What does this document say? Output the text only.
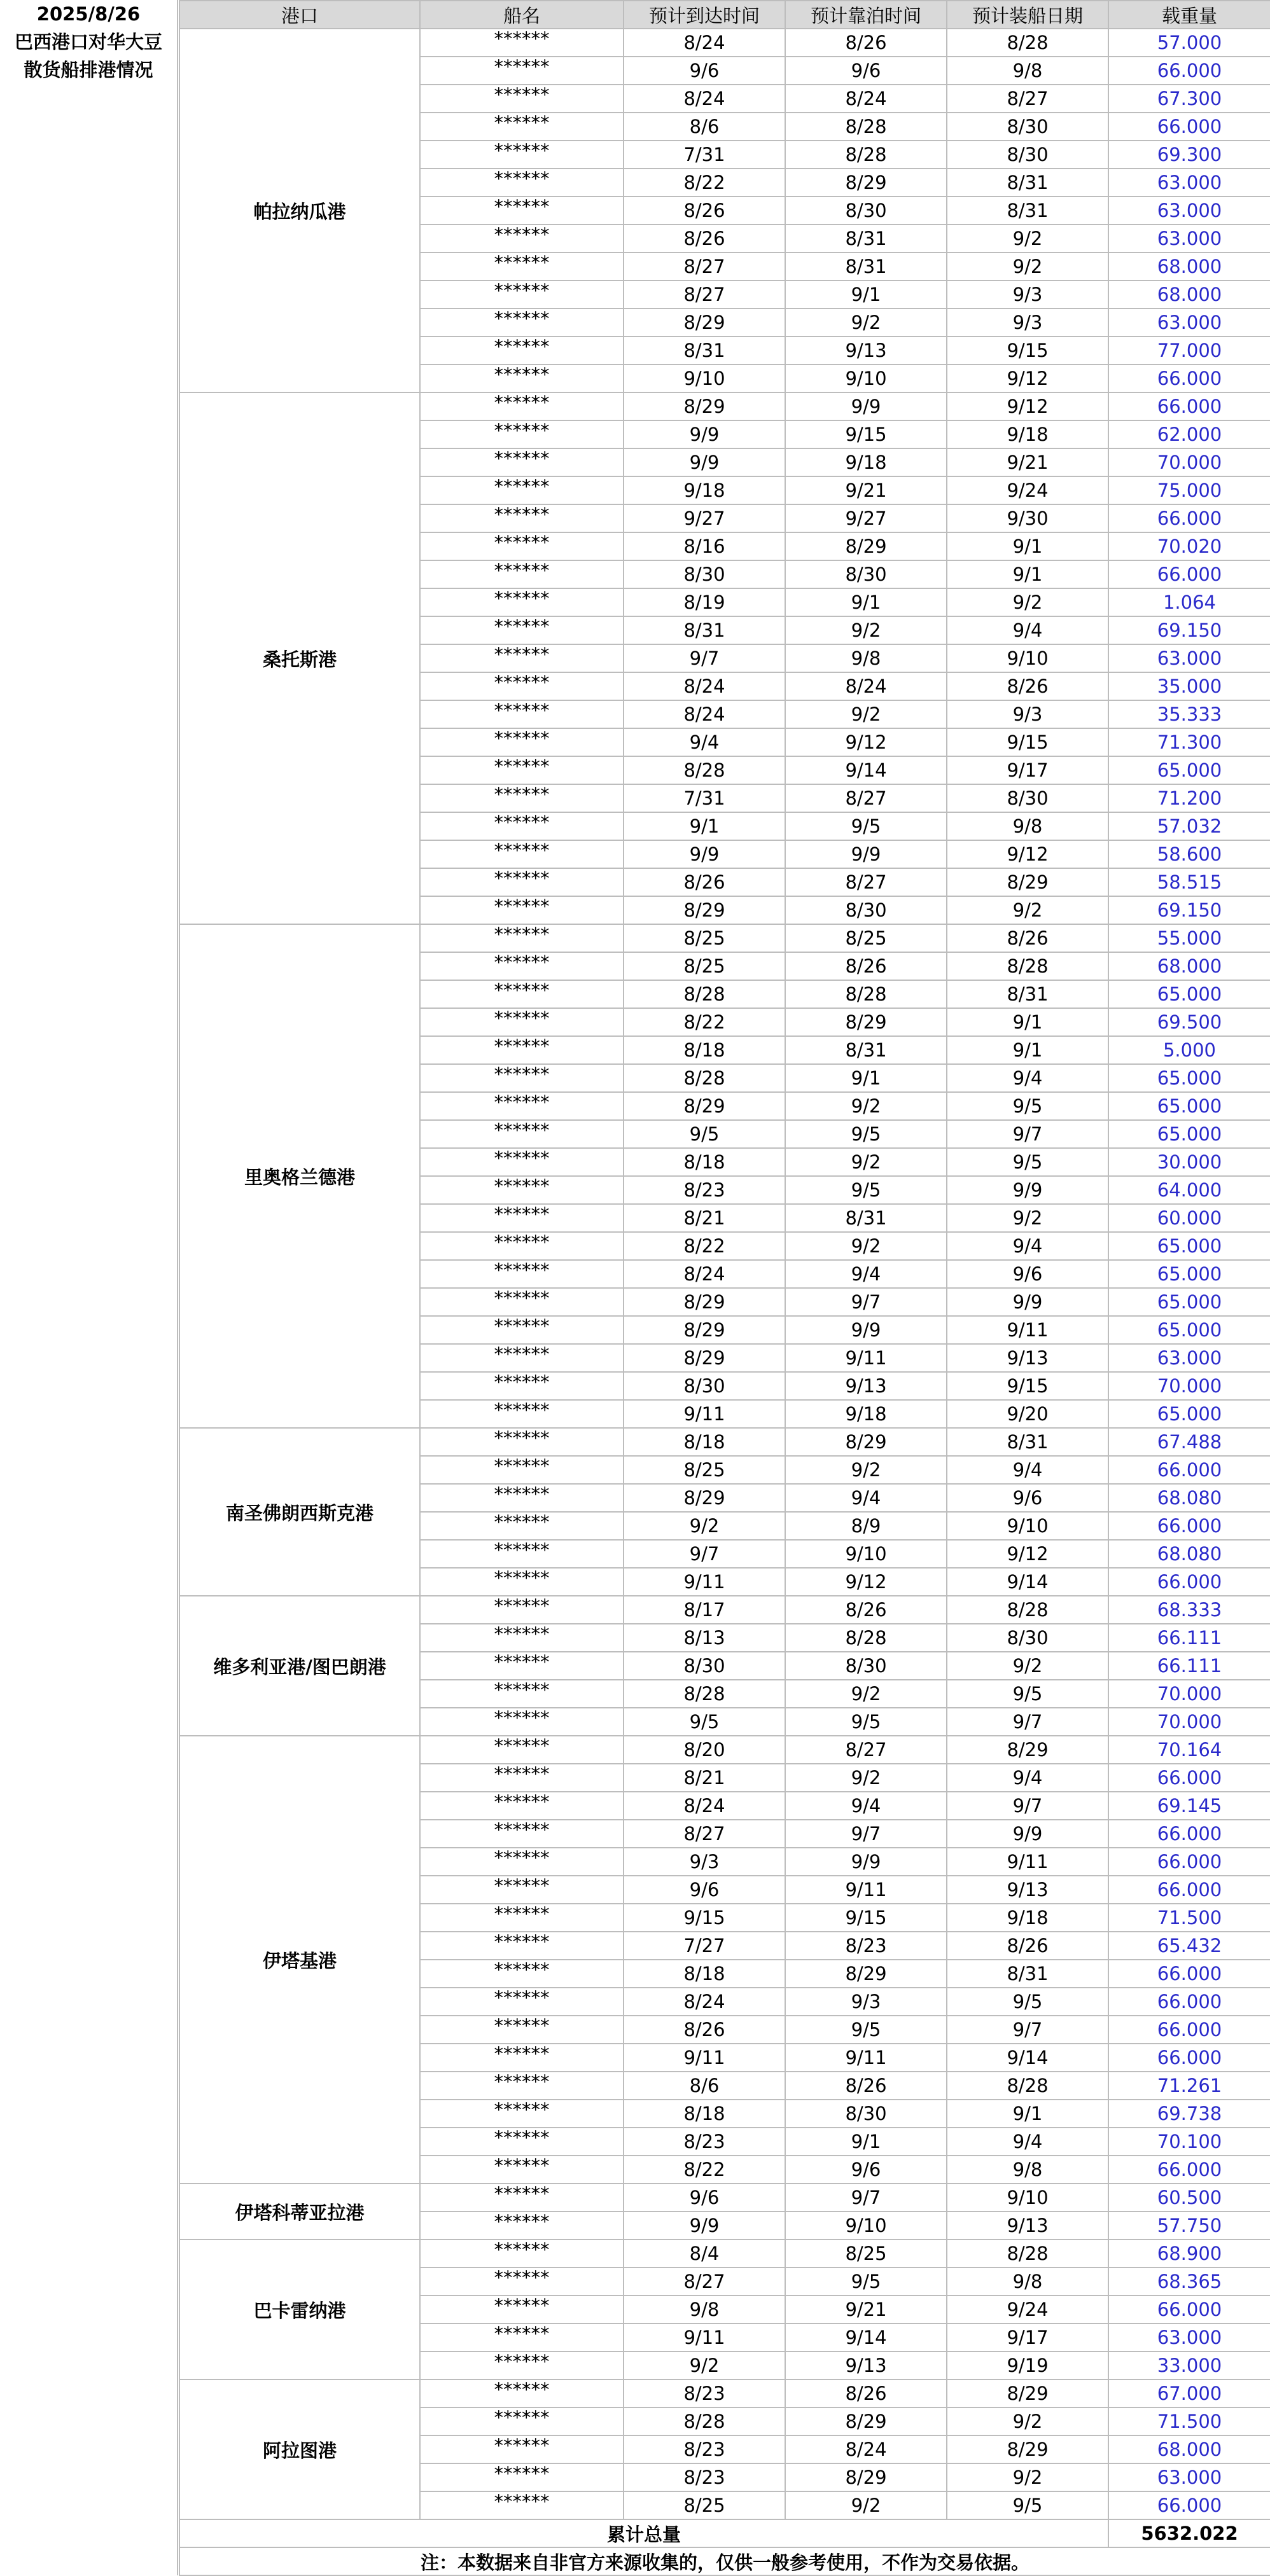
2025/8/26
巴西港口对华大豆
散货船排港情况
港口	船名	预计到达时间	预计靠泊时间	预计装船日期	载重量
帕拉纳瓜港	******	8/24	8/26	8/28	57.000
	******	9/6	9/6	9/8	66.000
	******	8/24	8/24	8/27	67.300
	******	8/6	8/28	8/30	66.000
	******	7/31	8/28	8/30	69.300
	******	8/22	8/29	8/31	63.000
	******	8/26	8/30	8/31	63.000
	******	8/26	8/31	9/2	63.000
	******	8/27	8/31	9/2	68.000
	******	8/27	9/1	9/3	68.000
	******	8/29	9/2	9/3	63.000
	******	8/31	9/13	9/15	77.000
	******	9/10	9/10	9/12	66.000
桑托斯港	******	8/29	9/9	9/12	66.000
	******	9/9	9/15	9/18	62.000
	******	9/9	9/18	9/21	70.000
	******	9/18	9/21	9/24	75.000
	******	9/27	9/27	9/30	66.000
	******	8/16	8/29	9/1	70.020
	******	8/30	8/30	9/1	66.000
	******	8/19	9/1	9/2	1.064
	******	8/31	9/2	9/4	69.150
	******	9/7	9/8	9/10	63.000
	******	8/24	8/24	8/26	35.000
	******	8/24	9/2	9/3	35.333
	******	9/4	9/12	9/15	71.300
	******	8/28	9/14	9/17	65.000
	******	7/31	8/27	8/30	71.200
	******	9/1	9/5	9/8	57.032
	******	9/9	9/9	9/12	58.600
	******	8/26	8/27	8/29	58.515
	******	8/29	8/30	9/2	69.150
里奥格兰德港	******	8/25	8/25	8/26	55.000
	******	8/25	8/26	8/28	68.000
	******	8/28	8/28	8/31	65.000
	******	8/22	8/29	9/1	69.500
	******	8/18	8/31	9/1	5.000
	******	8/28	9/1	9/4	65.000
	******	8/29	9/2	9/5	65.000
	******	9/5	9/5	9/7	65.000
	******	8/18	9/2	9/5	30.000
	******	8/23	9/5	9/9	64.000
	******	8/21	8/31	9/2	60.000
	******	8/22	9/2	9/4	65.000
	******	8/24	9/4	9/6	65.000
	******	8/29	9/7	9/9	65.000
	******	8/29	9/9	9/11	65.000
	******	8/29	9/11	9/13	63.000
	******	8/30	9/13	9/15	70.000
	******	9/11	9/18	9/20	65.000
南圣佛朗西斯克港	******	8/18	8/29	8/31	67.488
	******	8/25	9/2	9/4	66.000
	******	8/29	9/4	9/6	68.080
	******	9/2	8/9	9/10	66.000
	******	9/7	9/10	9/12	68.080
	******	9/11	9/12	9/14	66.000
维多利亚港/图巴朗港	******	8/17	8/26	8/28	68.333
	******	8/13	8/28	8/30	66.111
	******	8/30	8/30	9/2	66.111
	******	8/28	9/2	9/5	70.000
	******	9/5	9/5	9/7	70.000
伊塔基港	******	8/20	8/27	8/29	70.164
	******	8/21	9/2	9/4	66.000
	******	8/24	9/4	9/7	69.145
	******	8/27	9/7	9/9	66.000
	******	9/3	9/9	9/11	66.000
	******	9/6	9/11	9/13	66.000
	******	9/15	9/15	9/18	71.500
	******	7/27	8/23	8/26	65.432
	******	8/18	8/29	8/31	66.000
	******	8/24	9/3	9/5	66.000
	******	8/26	9/5	9/7	66.000
	******	9/11	9/11	9/14	66.000
	******	8/6	8/26	8/28	71.261
	******	8/18	8/30	9/1	69.738
	******	8/23	9/1	9/4	70.100
	******	8/22	9/6	9/8	66.000
伊塔科蒂亚拉港	******	9/6	9/7	9/10	60.500
	******	9/9	9/10	9/13	57.750
巴卡雷纳港	******	8/4	8/25	8/28	68.900
	******	8/27	9/5	9/8	68.365
	******	9/8	9/21	9/24	66.000
	******	9/11	9/14	9/17	63.000
	******	9/2	9/13	9/19	33.000
阿拉图港	******	8/23	8/26	8/29	67.000
	******	8/28	8/29	9/2	71.500
	******	8/23	8/24	8/29	68.000
	******	8/23	8/29	9/2	63.000
	******	8/25	9/2	9/5	66.000
累计总量					5632.022
注：本数据来自非官方来源收集的，仅供一般参考使用，不作为交易依据。					
